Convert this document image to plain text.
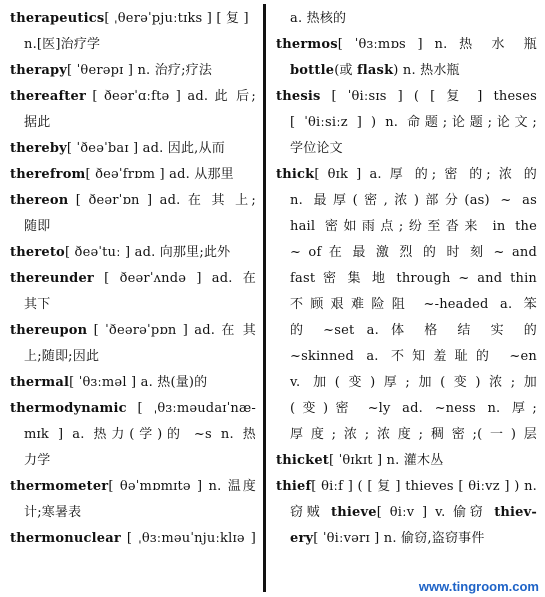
therapeutics[ ˌθerəˈpjuːtɪks ] [ 复 ]
n.[医]治疗学
therapy[ ˈθerəpɪ ] n. 治疗;疗法
thereafter [ ðeərˈɑːftə ] ad. 此 后;
据此
thereby[ ˈðeəˈbaɪ ] ad. 因此,从而
therefrom[ ðeəˈfrɒm ] ad. 从那里
thereon [ ðeərˈɒn ] ad. 在 其 上;
随即
thereto[ ðeəˈtuː ] ad. 向那里;此外
thereunder [ ðeərˈʌndə ] ad. 在
其下
thereupon [ ˈðeərəˈpɒn ] ad. 在 其
上;随即;因此
thermal[ ˈθɜːməl ] a. 热(量)的
thermodynamic [ ˌθɜːməudaɪˈnæ-
mɪk ] a. 热力(学)的 ~s n. 热
力学
thermometer[ θəˈmɒmɪtə ] n. 温度
计;寒暑表
thermonuclear [ ˌθɜːməuˈnjuːklɪə ]
a. 热核的
thermos[ ˈθɜːmɒs ] n. 热 水 瓶
bottle(或 flask) n. 热水瓶
thesis [ ˈθiːsɪs ] ( [ 复 ] theses
[ ˈθiːsiːz ] ) n. 命题;论题;论文;
学位论文
thick[ θɪk ] a. 厚 的; 密 的; 浓 的
n. 最厚(密,浓)部分(as) ~ as
hail 密如雨点;纷至沓来 in the
~ of 在 最 激 烈 的 时 刻 ~ and
fast 密 集 地 through ~ and thin
不顾艰难险阻 ~-headed a. 笨
的 ~set a. 体 格 结 实 的
~skinned a. 不知羞耻的 ~en
v. 加(变)厚;加(变)浓;加
(变)密 ~ly ad. ~ness n. 厚;
厚度;浓;浓度;稠密;(一)层
thicket[ ˈθɪkɪt ] n. 灌木丛
thief[ θiːf ] ( [ 复 ] thieves [ θiːvz ] ) n.
窃贼 thieve[ θiːv ] v. 偷窃 thiev-
ery[ ˈθiːvərɪ ] n. 偷窃,盗窃事件
www.tingroom.com
